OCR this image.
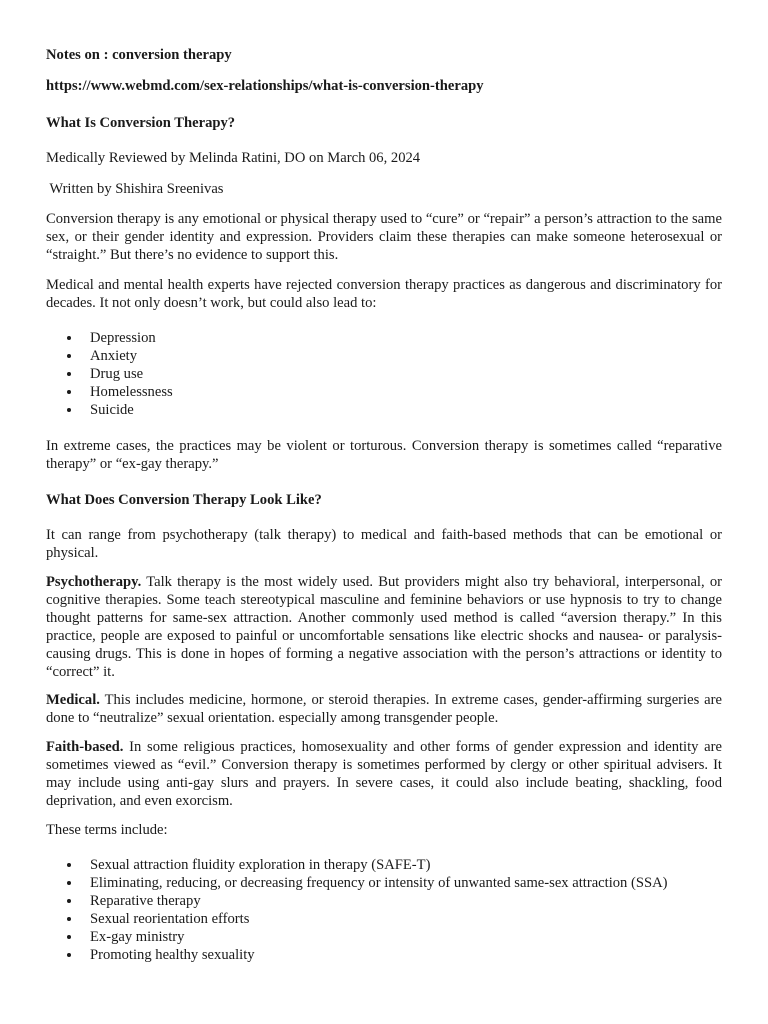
Notes on : conversion therapy

https://www.webmd.com/sex-relationships/what-is-conversion-therapy

What Is Conversion Therapy?

Medically Reviewed by Melinda Ratini, DO on March 06, 2024

Written by Shishira Sreenivas

Conversion therapy is any emotional or physical therapy used to “cure” or “repair” a person’s attraction to the same sex, or their gender identity and expression. Providers claim these therapies can make someone heterosexual or “straight.” But there’s no evidence to support this.

Medical and mental health experts have rejected conversion therapy practices as dangerous and discriminatory for decades. It not only doesn’t work, but could also lead to:

Depression
Anxiety
Drug use
Homelessness
Suicide

In extreme cases, the practices may be violent or torturous. Conversion therapy is sometimes called “reparative therapy” or “ex-gay therapy.”

What Does Conversion Therapy Look Like?

It can range from psychotherapy (talk therapy) to medical and faith-based methods that can be emotional or physical.

Psychotherapy. Talk therapy is the most widely used. But providers might also try behavioral, interpersonal, or cognitive therapies. Some teach stereotypical masculine and feminine behaviors or use hypnosis to try to change thought patterns for same-sex attraction. Another commonly used method is called “aversion therapy.” In this practice, people are exposed to painful or uncomfortable sensations like electric shocks and nausea- or paralysis-causing drugs. This is done in hopes of forming a negative association with the person’s attractions or identity to “correct” it.

Medical. This includes medicine, hormone, or steroid therapies. In extreme cases, gender-affirming surgeries are done to “neutralize” sexual orientation. especially among transgender people.

Faith-based. In some religious practices, homosexuality and other forms of gender expression and identity are sometimes viewed as “evil.” Conversion therapy is sometimes performed by clergy or other spiritual advisers. It may include using anti-gay slurs and prayers. In severe cases, it could also include beating, shackling, food deprivation, and even exorcism.

These terms include:

Sexual attraction fluidity exploration in therapy (SAFE-T)
Eliminating, reducing, or decreasing frequency or intensity of unwanted same-sex attraction (SSA)
Reparative therapy
Sexual reorientation efforts
Ex-gay ministry
Promoting healthy sexuality
